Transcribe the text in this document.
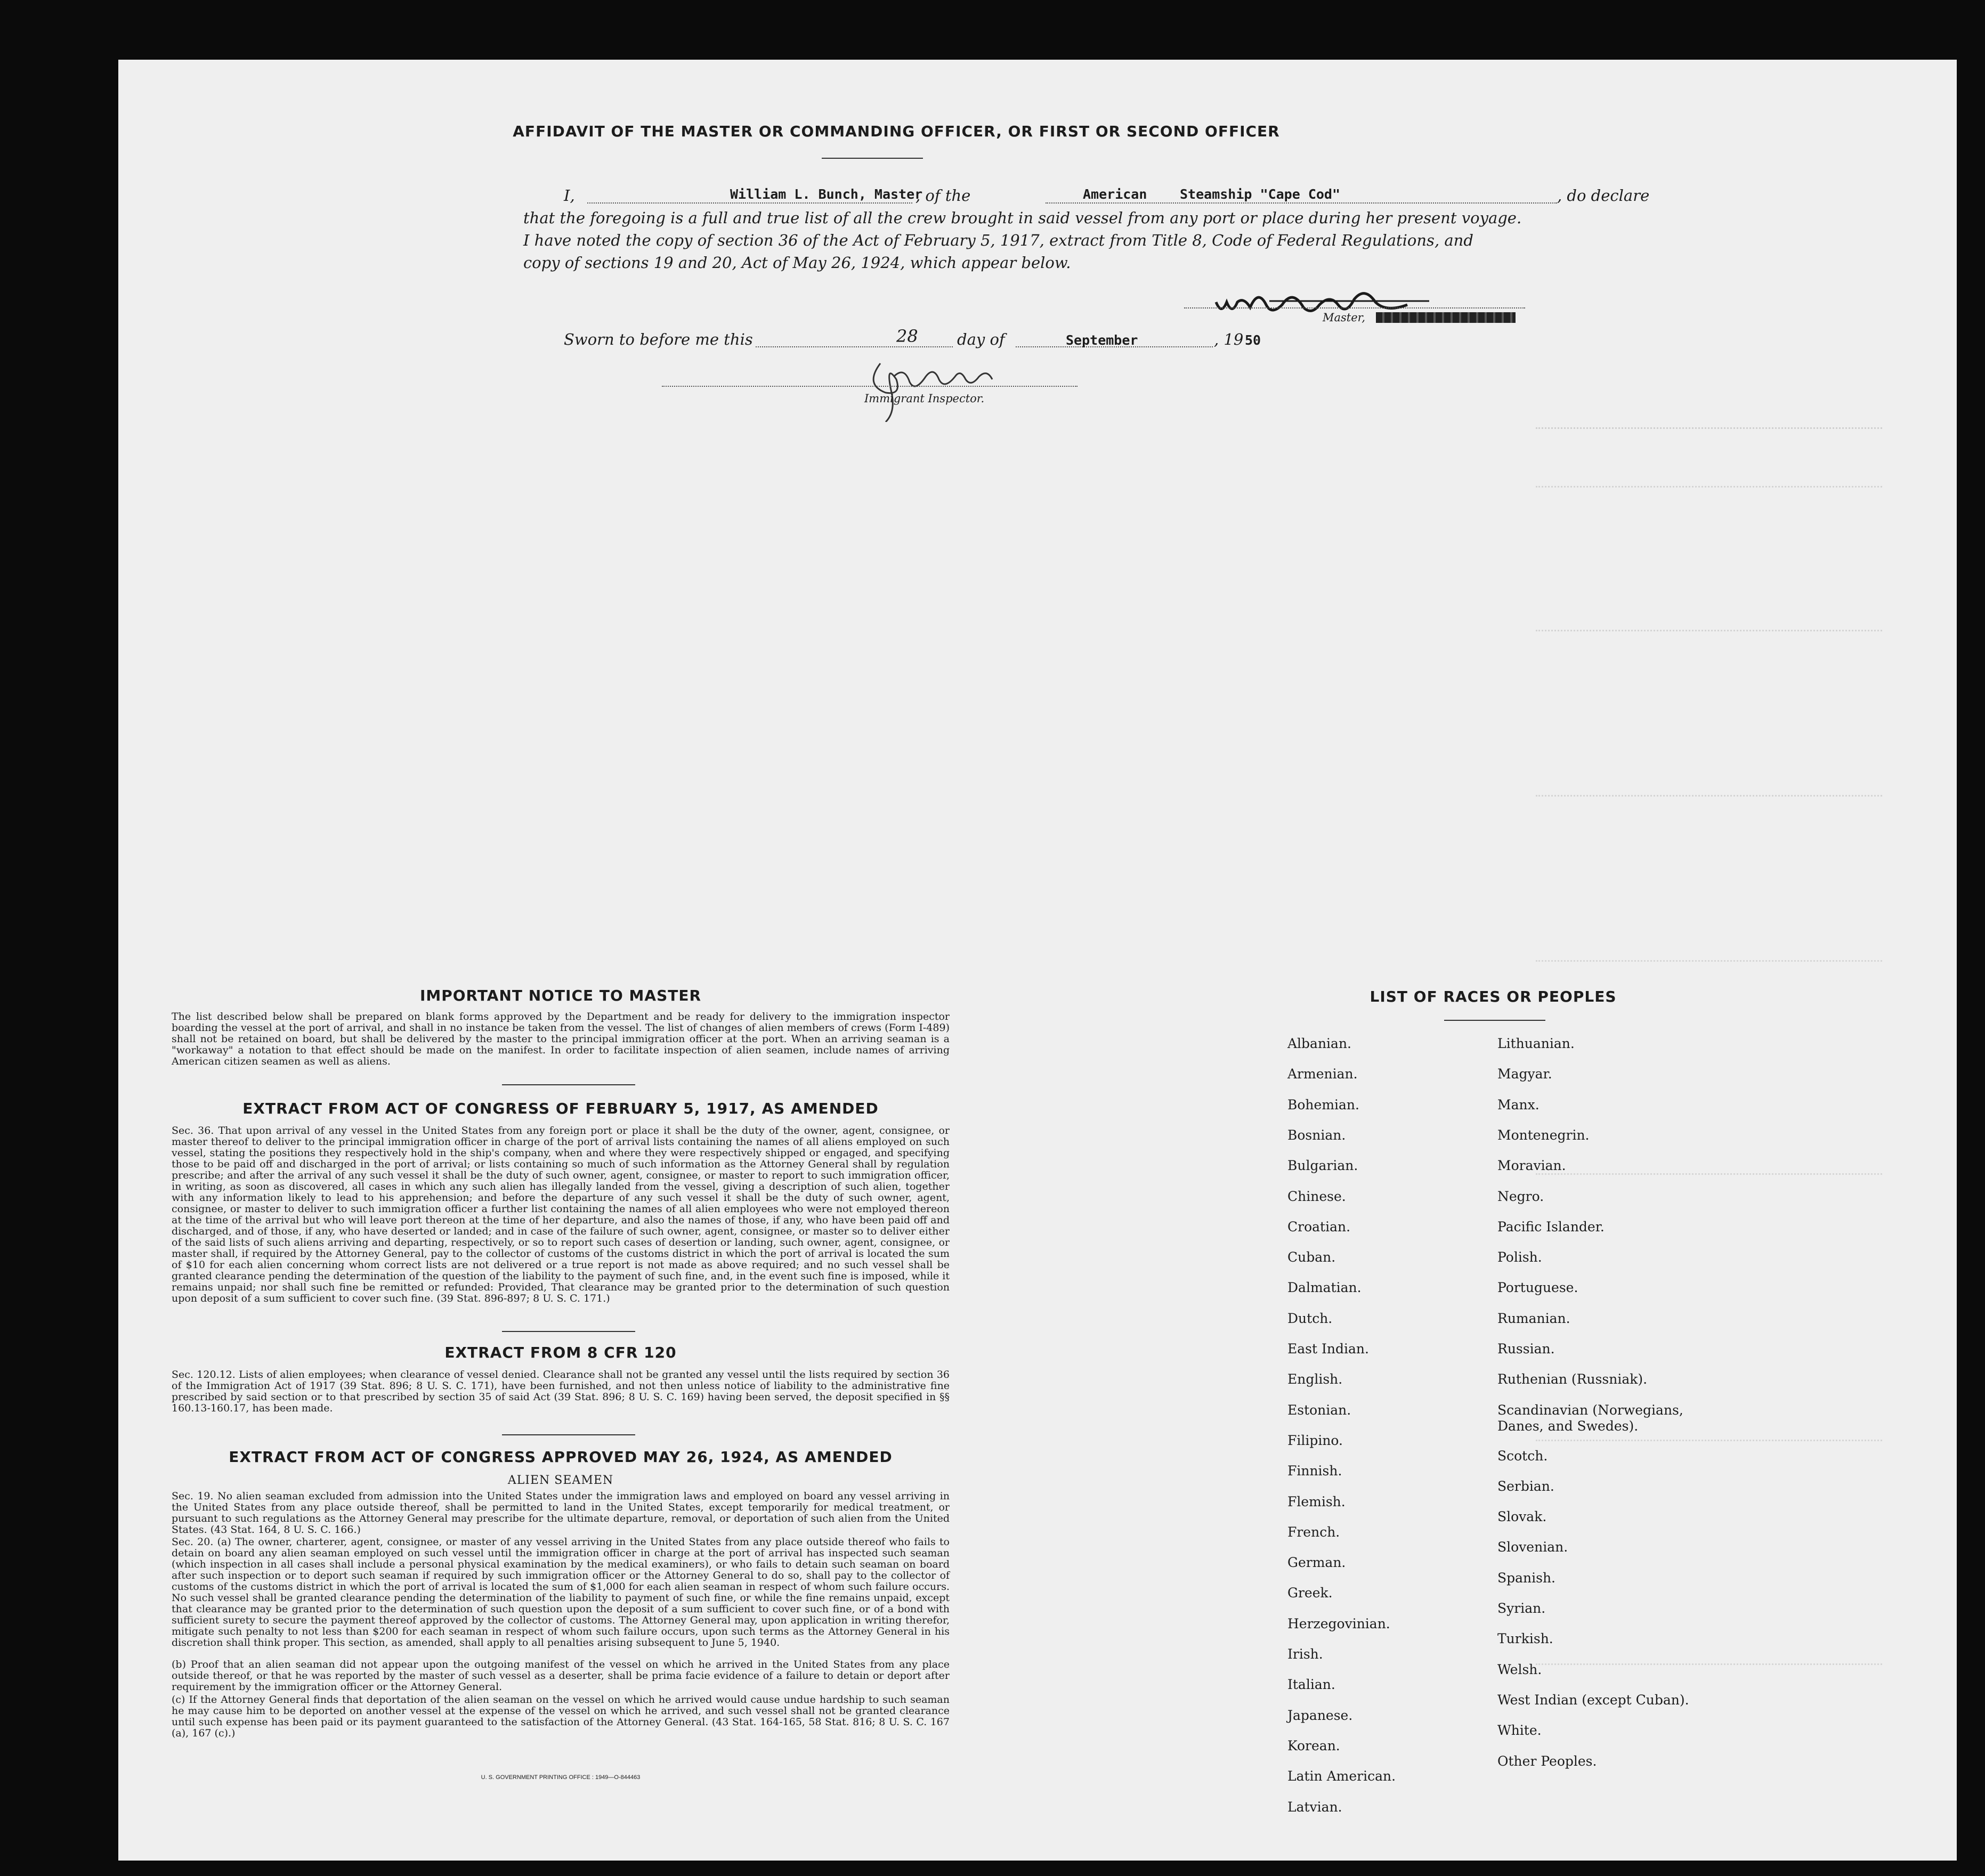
AFFIDAVIT OF THE MASTER OR COMMANDING OFFICER, OR FIRST OR SECOND OFFICER
I,	William L. Bunch, Master
, of the	American Steamship "Cape Cod"	, do declare
that the foregoing is a full and true list of all the crew brought in said vessel from any port or place during her present voyage.
I have noted the copy of section 36 of the Act of February 5, 1917, extract from Title 8, Code of Federal Regulations, and
copy of sections 19 and 20, Act of May 26, 1924, which appear below.
Master,
Sworn to before me this	28	day of	September	, 19 50
Immigrant Inspector.
IMPORTANT NOTICE TO MASTER
The list described below shall be prepared on blank forms approved by the Department and be ready for delivery to the immigration inspector boarding the vessel at the port of arrival, and shall in no instance be taken from the vessel. The list of changes of alien members of crews (Form I-489) shall not be retained on board, but shall be delivered by the master to the principal immigration officer at the port. When an arriving seaman is a "workaway" a notation to that effect should be made on the manifest. In order to facilitate inspection of alien seamen, include names of arriving American citizen seamen as well as aliens.
EXTRACT FROM ACT OF CONGRESS OF FEBRUARY 5, 1917, AS AMENDED
Sec. 36. That upon arrival of any vessel in the United States from any foreign port or place it shall be the duty of the owner, agent, consignee, or master thereof to deliver to the principal immigration officer in charge of the port of arrival lists containing the names of all aliens employed on such vessel, stating the positions they respectively hold in the ship's company, when and where they were respectively shipped or engaged, and specifying those to be paid off and discharged in the port of arrival; or lists containing so much of such information as the Attorney General shall by regulation prescribe; and after the arrival of any such vessel it shall be the duty of such owner, agent, consignee, or master to report to such immigration officer, in writing, as soon as discovered, all cases in which any such alien has illegally landed from the vessel, giving a description of such alien, together with any information likely to lead to his apprehension; and before the departure of any such vessel it shall be the duty of such owner, agent, consignee, or master to deliver to such immigration officer a further list containing the names of all alien employees who were not employed thereon at the time of the arrival but who will leave port thereon at the time of her departure, and also the names of those, if any, who have been paid off and discharged, and of those, if any, who have deserted or landed; and in case of the failure of such owner, agent, consignee, or master so to deliver either of the said lists of such aliens arriving and departing, respectively, or so to report such cases of desertion or landing, such owner, agent, consignee, or master shall, if required by the Attorney General, pay to the collector of customs of the customs district in which the port of arrival is located the sum of $10 for each alien concerning whom correct lists are not delivered or a true report is not made as above required; and no such vessel shall be granted clearance pending the determination of the question of the liability to the payment of such fine, and, in the event such fine is imposed, while it remains unpaid; nor shall such fine be remitted or refunded: Provided, That clearance may be granted prior to the determination of such question upon deposit of a sum sufficient to cover such fine. (39 Stat. 896-897; 8 U. S. C. 171.)
EXTRACT FROM 8 CFR 120
Sec. 120.12. Lists of alien employees; when clearance of vessel denied. Clearance shall not be granted any vessel until the lists required by section 36 of the Immigration Act of 1917 (39 Stat. 896; 8 U. S. C. 171), have been furnished, and not then unless notice of liability to the administrative fine prescribed by said section or to that prescribed by section 35 of said Act (39 Stat. 896; 8 U. S. C. 169) having been served, the deposit specified in §§ 160.13-160.17, has been made.
EXTRACT FROM ACT OF CONGRESS APPROVED MAY 26, 1924, AS AMENDED
ALIEN SEAMEN
Sec. 19. No alien seaman excluded from admission into the United States under the immigration laws and employed on board any vessel arriving in the United States from any place outside thereof, shall be permitted to land in the United States, except temporarily for medical treatment, or pursuant to such regulations as the Attorney General may prescribe for the ultimate departure, removal, or deportation of such alien from the United States. (43 Stat. 164, 8 U. S. C. 166.)
Sec. 20. (a) The owner, charterer, agent, consignee, or master of any vessel arriving in the United States from any place outside thereof who fails to detain on board any alien seaman employed on such vessel until the immigration officer in charge at the port of arrival has inspected such seaman (which inspection in all cases shall include a personal physical examination by the medical examiners), or who fails to detain such seaman on board after such inspection or to deport such seaman if required by such immigration officer or the Attorney General to do so, shall pay to the collector of customs of the customs district in which the port of arrival is located the sum of $1,000 for each alien seaman in respect of whom such failure occurs. No such vessel shall be granted clearance pending the determination of the liability to payment of such fine, or while the fine remains unpaid, except that clearance may be granted prior to the determination of such question upon the deposit of a sum sufficient to cover such fine, or of a bond with sufficient surety to secure the payment thereof approved by the collector of customs. The Attorney General may, upon application in writing therefor, mitigate such penalty to not less than $200 for each seaman in respect of whom such failure occurs, upon such terms as the Attorney General in his discretion shall think proper. This section, as amended, shall apply to all penalties arising subsequent to June 5, 1940.
(b) Proof that an alien seaman did not appear upon the outgoing manifest of the vessel on which he arrived in the United States from any place outside thereof, or that he was reported by the master of such vessel as a deserter, shall be prima facie evidence of a failure to detain or deport after requirement by the immigration officer or the Attorney General.
(c) If the Attorney General finds that deportation of the alien seaman on the vessel on which he arrived would cause undue hardship to such seaman he may cause him to be deported on another vessel at the expense of the vessel on which he arrived, and such vessel shall not be granted clearance until such expense has been paid or its payment guaranteed to the satisfaction of the Attorney General. (43 Stat. 164-165, 58 Stat. 816; 8 U. S. C. 167 (a), 167 (c).)
U. S. GOVERNMENT PRINTING OFFICE : 1949—O-844463
LIST OF RACES OR PEOPLES
Albanian.
Armenian.
Bohemian.
Bosnian.
Bulgarian.
Chinese.
Croatian.
Cuban.
Dalmatian.
Dutch.
East Indian.
English.
Estonian.
Filipino.
Finnish.
Flemish.
French.
German.
Greek.
Herzegovinian.
Irish.
Italian.
Japanese.
Korean.
Latin American.
Latvian.
Lithuanian.
Magyar.
Manx.
Montenegrin.
Moravian.
Negro.
Pacific Islander.
Polish.
Portuguese.
Rumanian.
Russian.
Ruthenian (Russniak).
Scandinavian (Norwegians, Danes, and Swedes).
Scotch.
Serbian.
Slovak.
Slovenian.
Spanish.
Syrian.
Turkish.
Welsh.
West Indian (except Cuban).
White.
Other Peoples.
